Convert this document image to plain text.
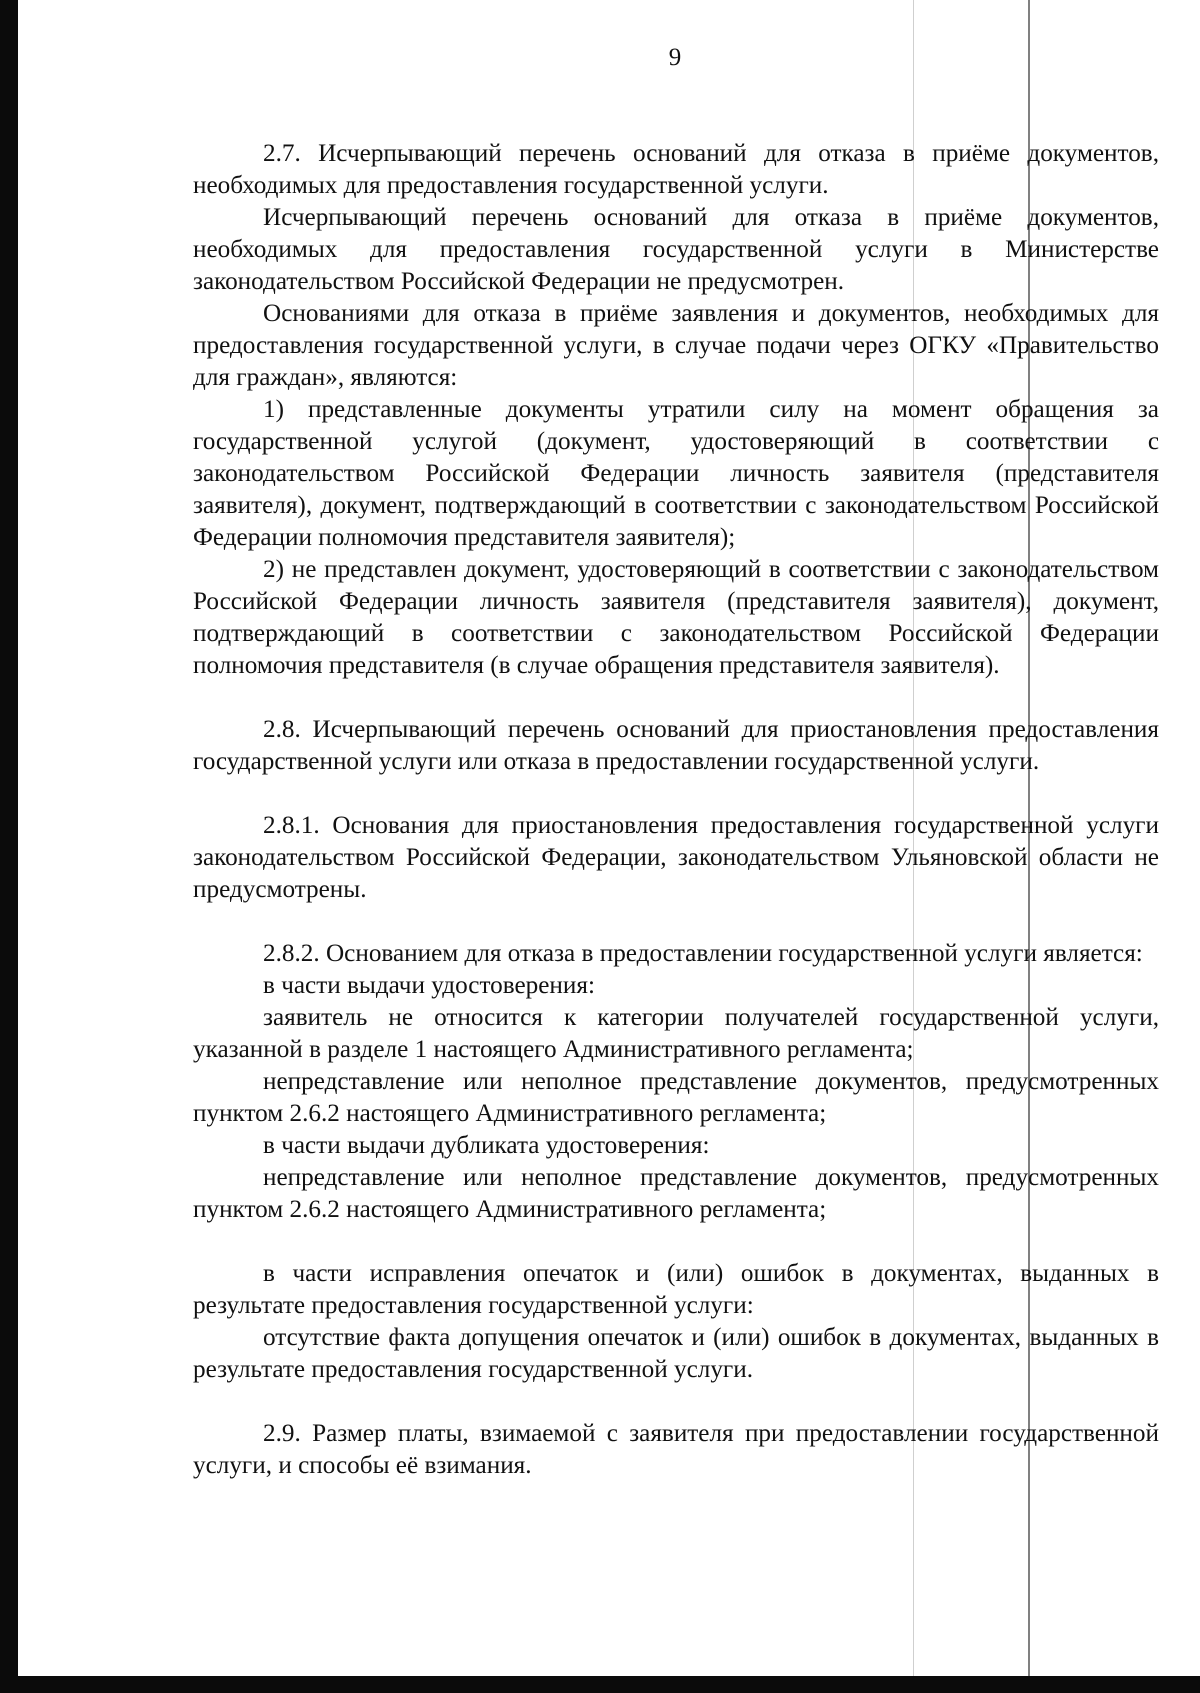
9

2.7. Исчерпывающий перечень оснований для отказа в приёме документов, необходимых для предоставления государственной услуги.

Исчерпывающий перечень оснований для отказа в приёме документов, необходимых для предоставления государственной услуги в Министерстве законодательством Российской Федерации не предусмотрен.

Основаниями для отказа в приёме заявления и документов, необходимых для предоставления государственной услуги, в случае подачи через ОГКУ «Правительство для граждан», являются:

1) представленные документы утратили силу на момент обращения за государственной услугой (документ, удостоверяющий в соответствии с законодательством Российской Федерации личность заявителя (представителя заявителя), документ, подтверждающий в соответствии с законодательством Российской Федерации полномочия представителя заявителя);

2) не представлен документ, удостоверяющий в соответствии с законодательством Российской Федерации личность заявителя (представителя заявителя), документ, подтверждающий в соответствии с законодательством Российской Федерации полномочия представителя (в случае обращения представителя заявителя).

2.8. Исчерпывающий перечень оснований для приостановления предоставления государственной услуги или отказа в предоставлении государственной услуги.

2.8.1. Основания для приостановления предоставления государственной услуги законодательством Российской Федерации, законодательством Ульяновской области не предусмотрены.

2.8.2. Основанием для отказа в предоставлении государственной услуги является:

в части выдачи удостоверения:

заявитель не относится к категории получателей государственной услуги, указанной в разделе 1 настоящего Административного регламента;

непредставление или неполное представление документов, предусмотренных пунктом 2.6.2 настоящего Административного регламента;

в части выдачи дубликата удостоверения:

непредставление или неполное представление документов, предусмотренных пунктом 2.6.2 настоящего Административного регламента;

в части исправления опечаток и (или) ошибок в документах, выданных в результате предоставления государственной услуги:

отсутствие факта допущения опечаток и (или) ошибок в документах, выданных в результате предоставления государственной услуги.

2.9. Размер платы, взимаемой с заявителя при предоставлении государственной услуги, и способы её взимания.
